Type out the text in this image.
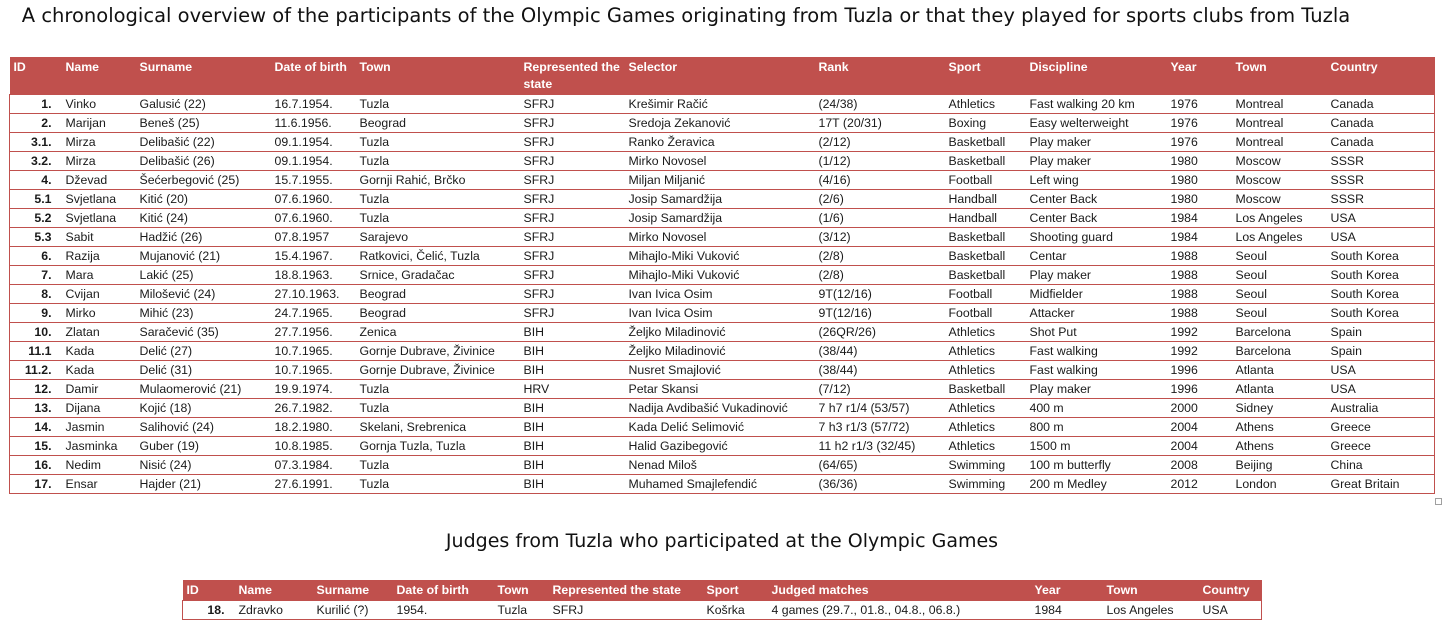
A chronological overview of the participants of the Olympic Games originating from Tuzla or that they played for sports clubs from Tuzla
ID	Name	Surname	Date of birth	Town	Represented the state	Selector	Rank	Sport	Discipline	Year	Town	Country
1.	Vinko	Galusić (22)	16.7.1954.	Tuzla	SFRJ	Krešimir Račić	(24/38)	Athletics	Fast walking 20 km	1976	Montreal	Canada
2.	Marijan	Beneš (25)	11.6.1956.	Beograd	SFRJ	Sredoja Zekanović	17T (20/31)	Boxing	Easy welterweight	1976	Montreal	Canada
3.1.	Mirza	Delibašić (22)	09.1.1954.	Tuzla	SFRJ	Ranko Žeravica	(2/12)	Basketball	Play maker	1976	Montreal	Canada
3.2.	Mirza	Delibašić (26)	09.1.1954.	Tuzla	SFRJ	Mirko Novosel	(1/12)	Basketball	Play maker	1980	Moscow	SSSR
4.	Dževad	Šećerbegović (25)	15.7.1955.	Gornji Rahić, Brčko	SFRJ	Miljan Miljanić	(4/16)	Football	Left wing	1980	Moscow	SSSR
5.1	Svjetlana	Kitić (20)	07.6.1960.	Tuzla	SFRJ	Josip Samardžija	(2/6)	Handball	Center Back	1980	Moscow	SSSR
5.2	Svjetlana	Kitić (24)	07.6.1960.	Tuzla	SFRJ	Josip Samardžija	(1/6)	Handball	Center Back	1984	Los Angeles	USA
5.3	Sabit	Hadžić (26)	07.8.1957	Sarajevo	SFRJ	Mirko Novosel	(3/12)	Basketball	Shooting guard	1984	Los Angeles	USA
6.	Razija	Mujanović (21)	15.4.1967.	Ratkovici, Čelić, Tuzla	SFRJ	Mihajlo-Miki Vuković	(2/8)	Basketball	Centar	1988	Seoul	South Korea
7.	Mara	Lakić (25)	18.8.1963.	Srnice, Gradačac	SFRJ	Mihajlo-Miki Vuković	(2/8)	Basketball	Play maker	1988	Seoul	South Korea
8.	Cvijan	Milošević (24)	27.10.1963.	Beograd	SFRJ	Ivan Ivica Osim	9T(12/16)	Football	Midfielder	1988	Seoul	South Korea
9.	Mirko	Mihić (23)	24.7.1965.	Beograd	SFRJ	Ivan Ivica Osim	9T(12/16)	Football	Attacker	1988	Seoul	South Korea
10.	Zlatan	Saračević (35)	27.7.1956.	Zenica	BIH	Željko Miladinović	(26QR/26)	Athletics	Shot Put	1992	Barcelona	Spain
11.1	Kada	Delić (27)	10.7.1965.	Gornje Dubrave, Živinice	BIH	Željko Miladinović	(38/44)	Athletics	Fast walking	1992	Barcelona	Spain
11.2.	Kada	Delić (31)	10.7.1965.	Gornje Dubrave, Živinice	BIH	Nusret Smajlović	(38/44)	Athletics	Fast walking	1996	Atlanta	USA
12.	Damir	Mulaomerović (21)	19.9.1974.	Tuzla	HRV	Petar Skansi	(7/12)	Basketball	Play maker	1996	Atlanta	USA
13.	Dijana	Kojić (18)	26.7.1982.	Tuzla	BIH	Nadija Avdibašić Vukadinović	7 h7 r1/4 (53/57)	Athletics	400 m	2000	Sidney	Australia
14.	Jasmin	Salihović (24)	18.2.1980.	Skelani, Srebrenica	BIH	Kada Delić Selimović	7 h3 r1/3 (57/72)	Athletics	800 m	2004	Athens	Greece
15.	Jasminka	Guber (19)	10.8.1985.	Gornja Tuzla, Tuzla	BIH	Halid Gazibegović	11 h2 r1/3 (32/45)	Athletics	1500 m	2004	Athens	Greece
16.	Nedim	Nisić (24)	07.3.1984.	Tuzla	BIH	Nenad Miloš	(64/65)	Swimming	100 m butterfly	2008	Beijing	China
17.	Ensar	Hajder (21)	27.6.1991.	Tuzla	BIH	Muhamed Smajlefendić	(36/36)	Swimming	200 m Medley	2012	London	Great Britain
Judges from Tuzla who participated at the Olympic Games
ID	Name	Surname	Date of birth	Town	Represented the state	Sport	Judged matches	Year	Town	Country
18.	Zdravko	Kurilić (?)	1954.	Tuzla	SFRJ	Košrka	4 games (29.7., 01.8., 04.8., 06.8.)	1984	Los Angeles	USA
